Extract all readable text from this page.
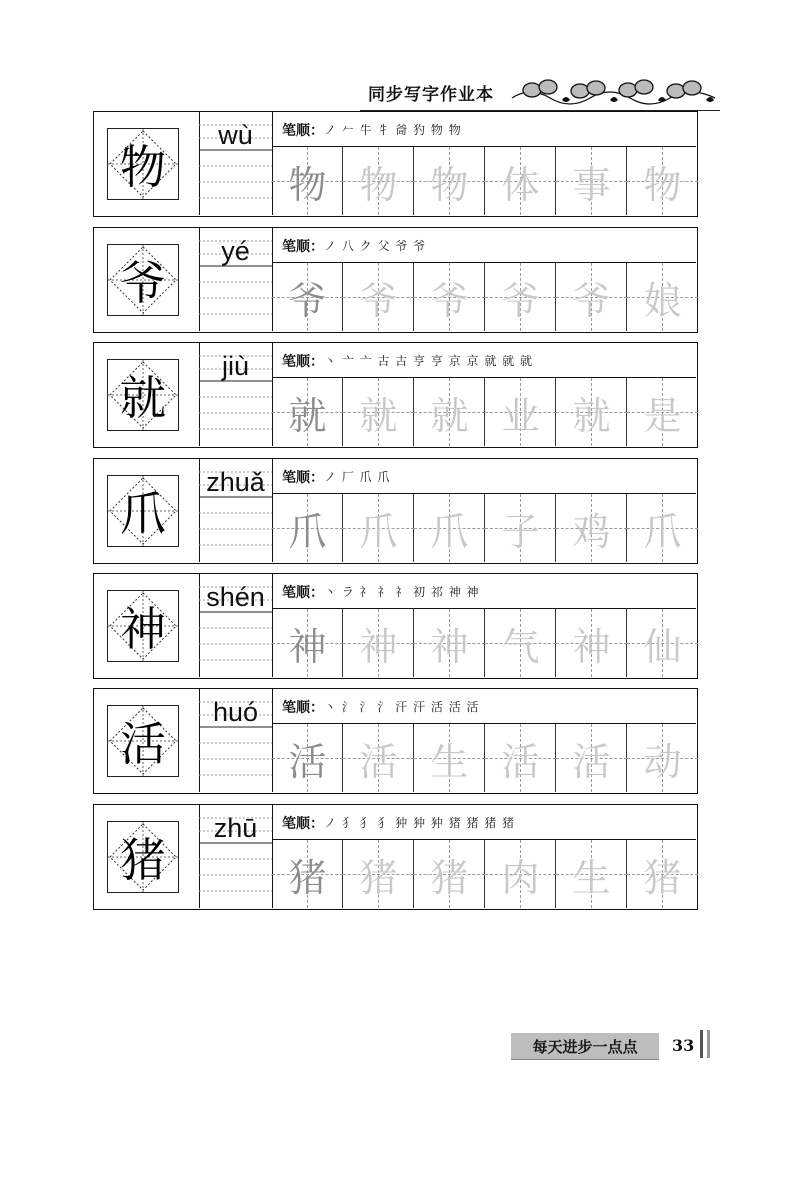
同步写字作业本
物
wù	笔顺： ノ 𠂉 牛 牜 㸗 犳 物 物
物 物 物 体 事 物
爷
yé	笔顺： ノ 八 ク 父 爷 爷
爷 爷 爷 爷 爷 娘
就
jiù	笔顺： 丶 亠 亠 古 古 亨 亨 京 京 就 就 就
就 就 就 业 就 是
爪
zhuǎ	笔顺： ノ 厂 爪 爪
爪 爪 爪 子 鸡 爪
神
shén	笔顺： 丶 ラ 礻 礻 礻 初 祁 神 神
神 神 神 气 神 仙
活
huó	笔顺： 丶 氵 氵 氵 汗 汗 活 活 活
活 活 生 活 活 动
猪
zhū	笔顺： ノ 犭 犭 犭 狆 狆 狆 猪 猪 猪 猪
猪 猪 猪 肉 生 猪
每天进步一点点	33
